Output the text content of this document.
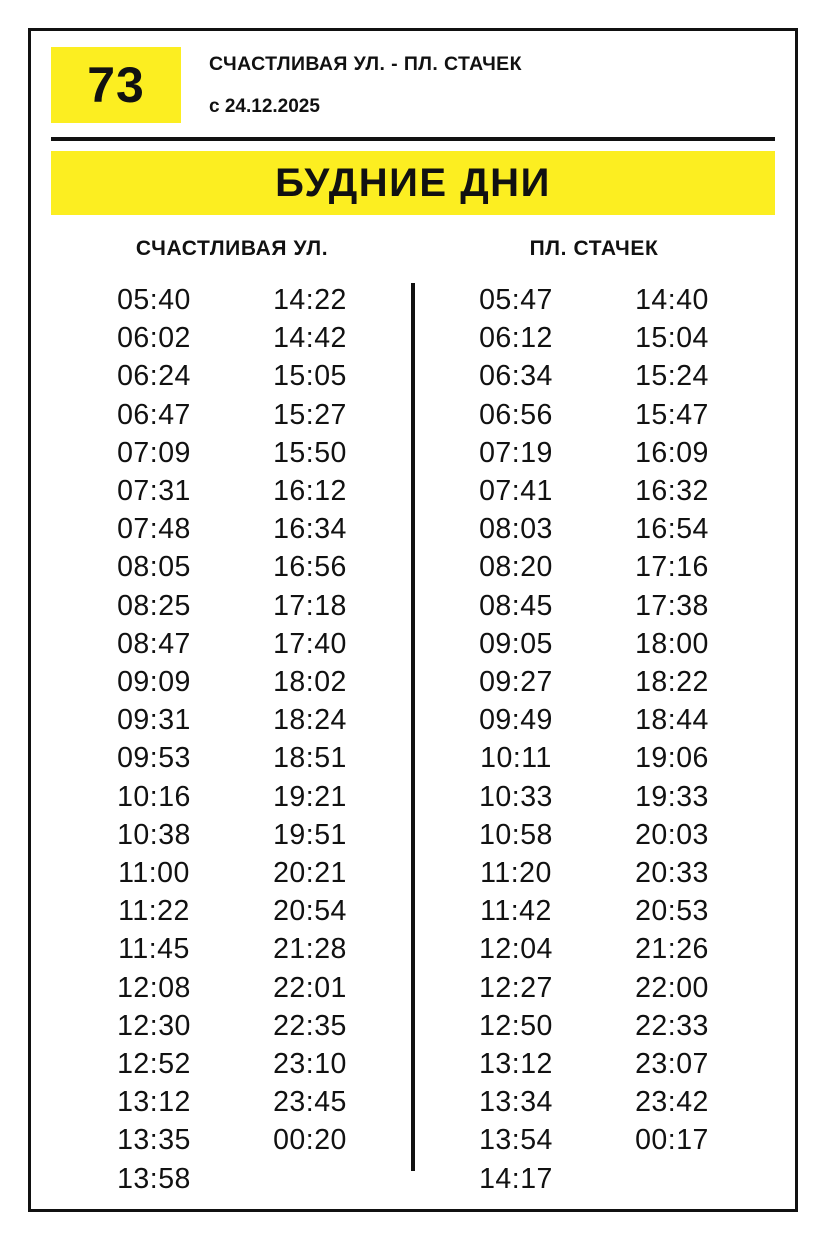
73	СЧАСТЛИВАЯ УЛ. - ПЛ. СТАЧЕК
с 24.12.2025
БУДНИЕ ДНИ
СЧАСТЛИВАЯ УЛ.	ПЛ. СТАЧЕК
05:40
06:02
06:24
06:47
07:09
07:31
07:48
08:05
08:25
08:47
09:09
09:31
09:53
10:16
10:38
11:00
11:22
11:45
12:08
12:30
12:52
13:12
13:35
13:58
14:22
14:42
15:05
15:27
15:50
16:12
16:34
16:56
17:18
17:40
18:02
18:24
18:51
19:21
19:51
20:21
20:54
21:28
22:01
22:35
23:10
23:45
00:20
05:47
06:12
06:34
06:56
07:19
07:41
08:03
08:20
08:45
09:05
09:27
09:49
10:11
10:33
10:58
11:20
11:42
12:04
12:27
12:50
13:12
13:34
13:54
14:17
14:40
15:04
15:24
15:47
16:09
16:32
16:54
17:16
17:38
18:00
18:22
18:44
19:06
19:33
20:03
20:33
20:53
21:26
22:00
22:33
23:07
23:42
00:17
